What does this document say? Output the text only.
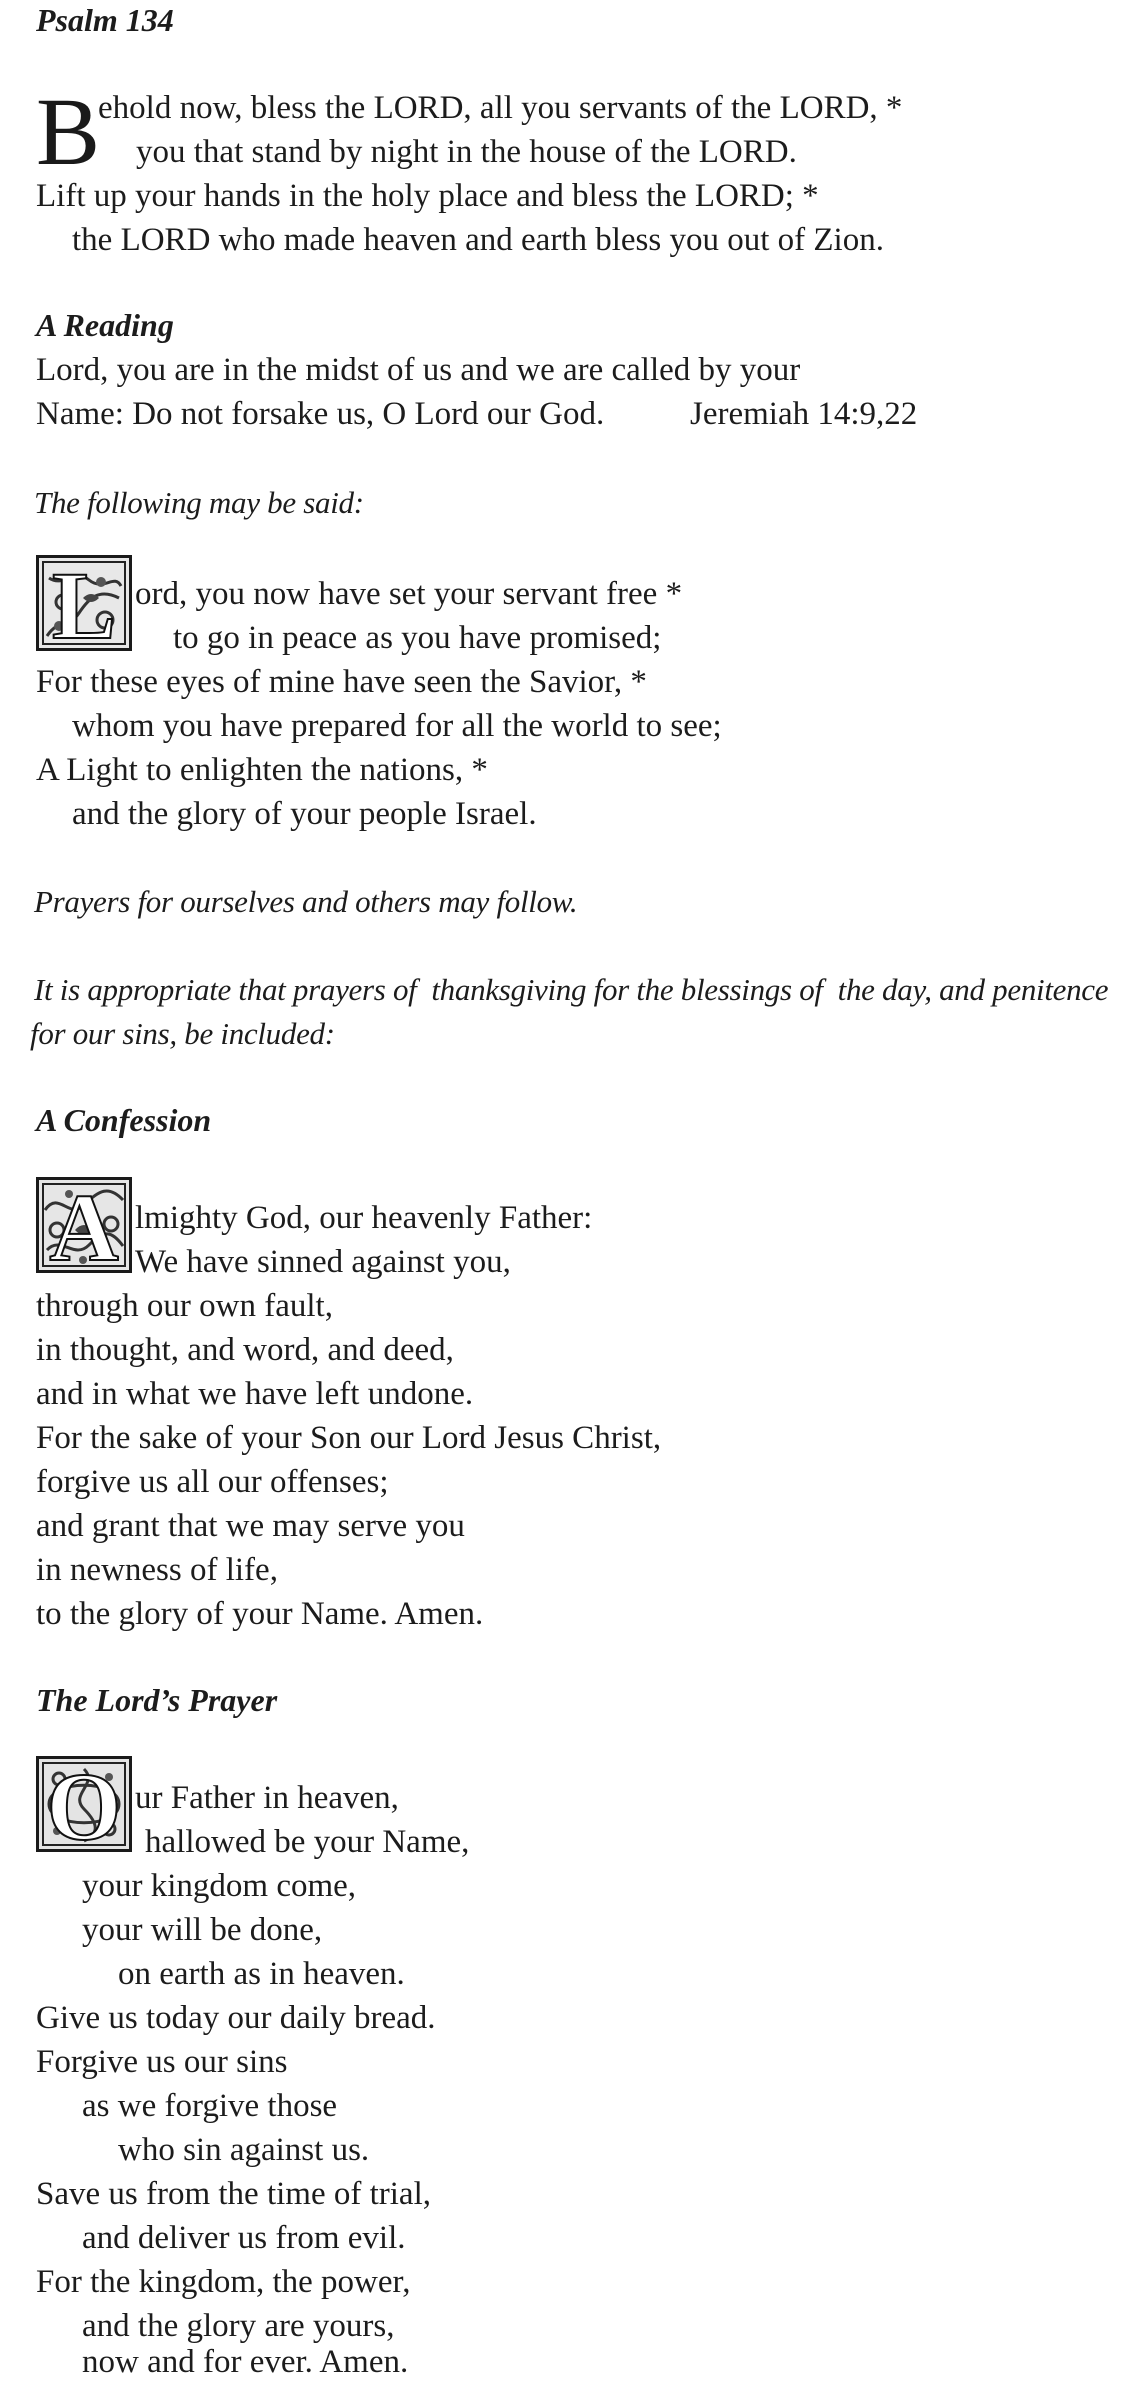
Psalm 134
B
ehold now, bless the LORD, all you servants of the LORD, *
you that stand by night in the house of the LORD.
Lift up your hands in the holy place and bless the LORD; *
the LORD who made heaven and earth bless you out of Zion.
A Reading
Lord, you are in the midst of us and we are called by your
Name: Do not forsake us, O Lord our God.	Jeremiah 14:9,22
The following may be said:
L ord, you now have set your servant free *
to go in peace as you have promised;
For these eyes of mine have seen the Savior, *
whom you have prepared for all the world to see;
A Light to enlighten the nations, *
and the glory of your people Israel.
Prayers for ourselves and others may follow.
It is appropriate that prayers of  thanksgiving for the blessings of  the day, and penitence
for our sins, be included:
A Confession
A lmighty God, our heavenly Father:
We have sinned against you,
through our own fault,
in thought, and word, and deed,
and in what we have left undone.
For the sake of your Son our Lord Jesus Christ,
forgive us all our offenses;
and grant that we may serve you
in newness of life,
to the glory of your Name. Amen.
The Lord’s Prayer
O ur Father in heaven,
hallowed be your Name,
your kingdom come,
your will be done,
on earth as in heaven.
Give us today our daily bread.
Forgive us our sins
as we forgive those
who sin against us.
Save us from the time of trial,
and deliver us from evil.
For the kingdom, the power,
and the glory are yours,
now and for ever. Amen.
